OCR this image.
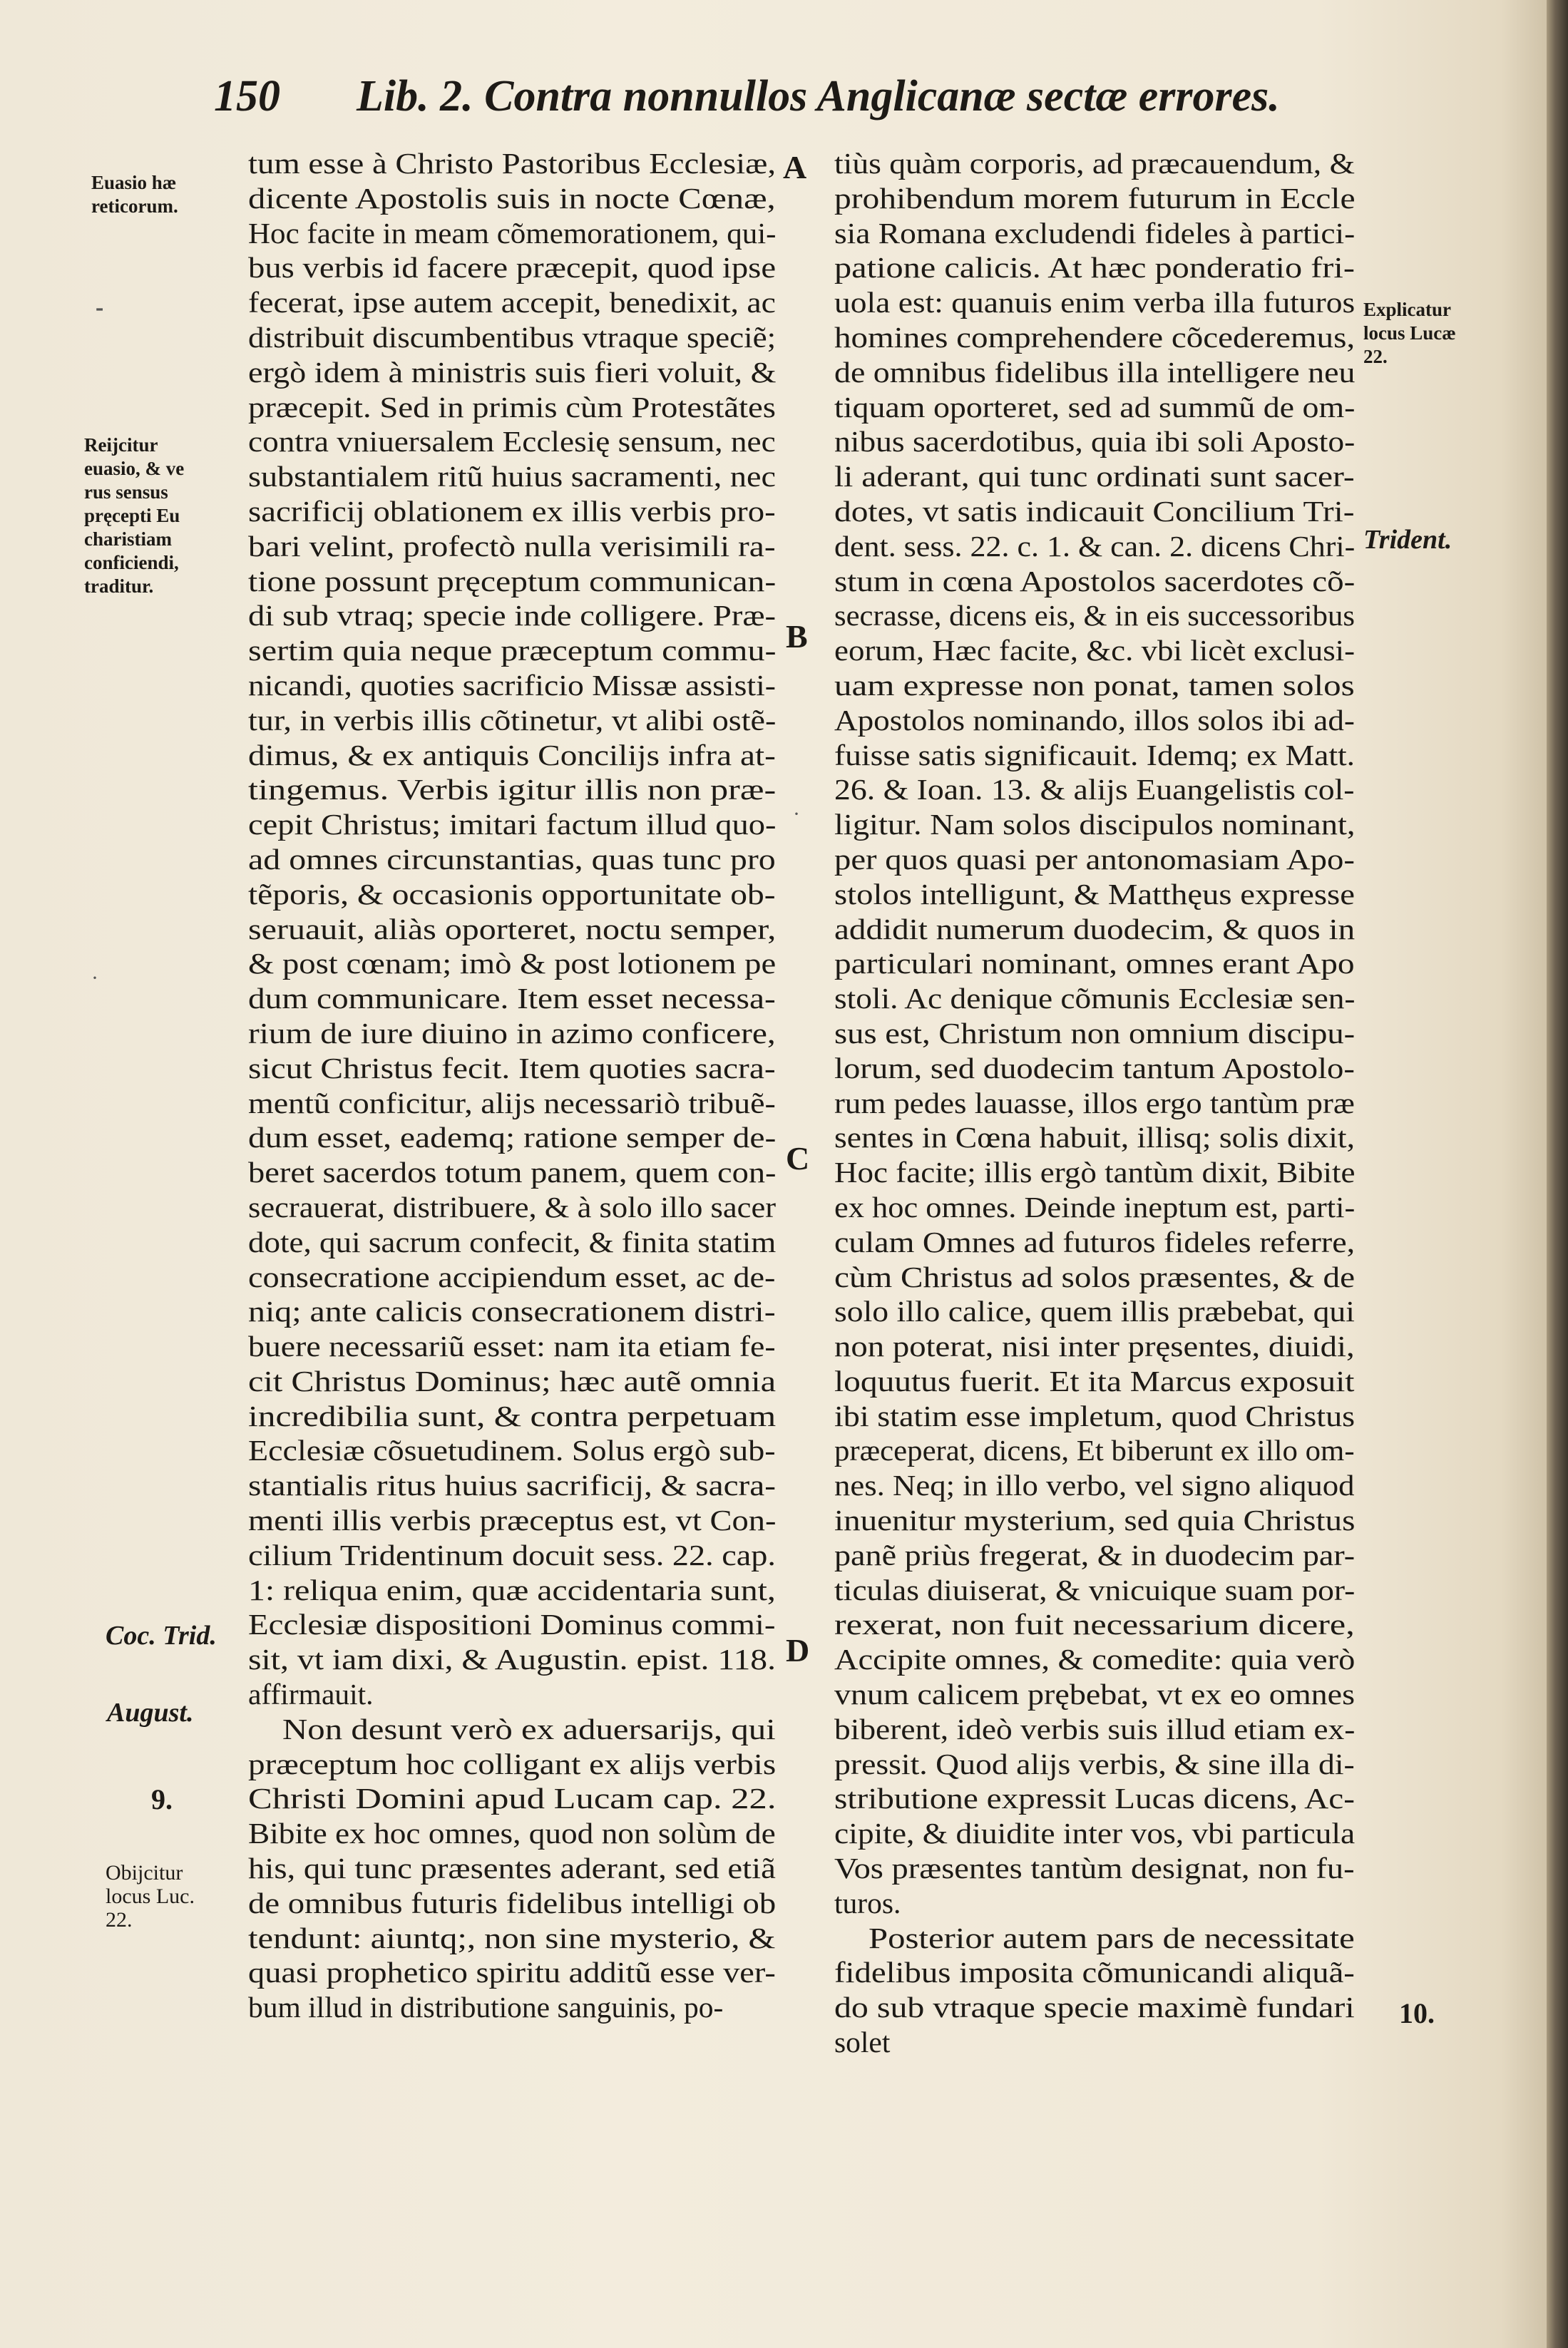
150 Lib. 2. Contra nonnullos Anglicanæ sectæ errores.
tum esse à Christo Pastoribus Ecclesiæ,
dicente Apostolis suis in nocte Cœnæ,
Hoc facite in meam cõmemorationem, qui-
bus verbis id facere præcepit, quod ipse
fecerat, ipse autem accepit, benedixit, ac
distribuit discumbentibus vtraque speciẽ;
ergò idem à ministris suis fieri voluit, &
præcepit. Sed in primis cùm Protestãtes
contra vniuersalem Ecclesię sensum, nec
substantialem ritũ huius sacramenti, nec
sacrificij oblationem ex illis verbis pro-
bari velint, profectò nulla verisimili ra-
tione possunt pręceptum communican-
di sub vtraq; specie inde colligere. Præ-
sertim quia neque præceptum commu-
nicandi, quoties sacrificio Missæ assisti-
tur, in verbis illis cõtinetur, vt alibi ostẽ-
dimus, & ex antiquis Concilijs infra at-
tingemus. Verbis igitur illis non præ-
cepit Christus; imitari factum illud quo-
ad omnes circunstantias, quas tunc pro
tẽporis, & occasionis opportunitate ob-
seruauit, aliàs oporteret, noctu semper,
& post cœnam; imò & post lotionem pe
dum communicare. Item esset necessa-
rium de iure diuino in azimo conficere,
sicut Christus fecit. Item quoties sacra-
mentũ conficitur, alijs necessariò tribuẽ-
dum esset, eademq; ratione semper de-
beret sacerdos totum panem, quem con-
secrauerat, distribuere, & à solo illo sacer
dote, qui sacrum confecit, & finita statim
consecratione accipiendum esset, ac de-
niq; ante calicis consecrationem distri-
buere necessariũ esset: nam ita etiam fe-
cit Christus Dominus; hæc autẽ omnia
incredibilia sunt, & contra perpetuam
Ecclesiæ cõsuetudinem. Solus ergò sub-
stantialis ritus huius sacrificij, & sacra-
menti illis verbis præceptus est, vt Con-
cilium Tridentinum docuit sess. 22. cap.
1: reliqua enim, quæ accidentaria sunt,
Ecclesiæ dispositioni Dominus commi-
sit, vt iam dixi, & Augustin. epist. 118.
affirmauit.
Non desunt verò ex aduersarijs, qui
præceptum hoc colligant ex alijs verbis
Christi Domini apud Lucam cap. 22.
Bibite ex hoc omnes, quod non solùm de
his, qui tunc præsentes aderant, sed etiã
de omnibus futuris fidelibus intelligi ob
tendunt: aiuntq;, non sine mysterio, &
quasi prophetico spiritu additũ esse ver-
bum illud in distributione sanguinis, po-
tiùs quàm corporis, ad præcauendum, &
prohibendum morem futurum in Eccle
sia Romana excludendi fideles à partici-
patione calicis. At hæc ponderatio fri-
uola est: quanuis enim verba illa futuros
homines comprehendere cõcederemus,
de omnibus fidelibus illa intelligere neu
tiquam oporteret, sed ad summũ de om-
nibus sacerdotibus, quia ibi soli Aposto-
li aderant, qui tunc ordinati sunt sacer-
dotes, vt satis indicauit Concilium Tri-
dent. sess. 22. c. 1. & can. 2. dicens Chri-
stum in cœna Apostolos sacerdotes cõ-
secrasse, dicens eis, & in eis successoribus
eorum, Hæc facite, &c. vbi licèt exclusi-
uam expresse non ponat, tamen solos
Apostolos nominando, illos solos ibi ad-
fuisse satis significauit. Idemq; ex Matt.
26. & Ioan. 13. & alijs Euangelistis col-
ligitur. Nam solos discipulos nominant,
per quos quasi per antonomasiam Apo-
stolos intelligunt, & Matthęus expresse
addidit numerum duodecim, & quos in
particulari nominant, omnes erant Apo
stoli. Ac denique cõmunis Ecclesiæ sen-
sus est, Christum non omnium discipu-
lorum, sed duodecim tantum Apostolo-
rum pedes lauasse, illos ergo tantùm præ
sentes in Cœna habuit, illisq; solis dixit,
Hoc facite; illis ergò tantùm dixit, Bibite
ex hoc omnes. Deinde ineptum est, parti-
culam Omnes ad futuros fideles referre,
cùm Christus ad solos præsentes, & de
solo illo calice, quem illis præbebat, qui
non poterat, nisi inter pręsentes, diuidi,
loquutus fuerit. Et ita Marcus exposuit
ibi statim esse impletum, quod Christus
præceperat, dicens, Et biberunt ex illo om-
nes. Neq; in illo verbo, vel signo aliquod
inuenitur mysterium, sed quia Christus
panẽ priùs fregerat, & in duodecim par-
ticulas diuiserat, & vnicuique suam por-
rexerat, non fuit necessarium dicere,
Accipite omnes, & comedite: quia verò
vnum calicem prębebat, vt ex eo omnes
biberent, ideò verbis suis illud etiam ex-
pressit. Quod alijs verbis, & sine illa di-
stributione expressit Lucas dicens, Ac-
cipite, & diuidite inter vos, vbi particula
Vos præsentes tantùm designat, non fu-
turos.
Posterior autem pars de necessitate
fidelibus imposita cõmunicandi aliquã-
do sub vtraque specie maximè fundari
solet
A
B
C
D
Euasio hæ
reticorum.
Reijcitur
euasio, & ve
rus sensus
pręcepti Eu
charistiam
conficiendi,
traditur.
Coc. Trid.
August.
9.
Obijcitur
locus Luc.
22.
Explicatur
locus Lucæ
22.
Trident.
10.
⁃
·
·
